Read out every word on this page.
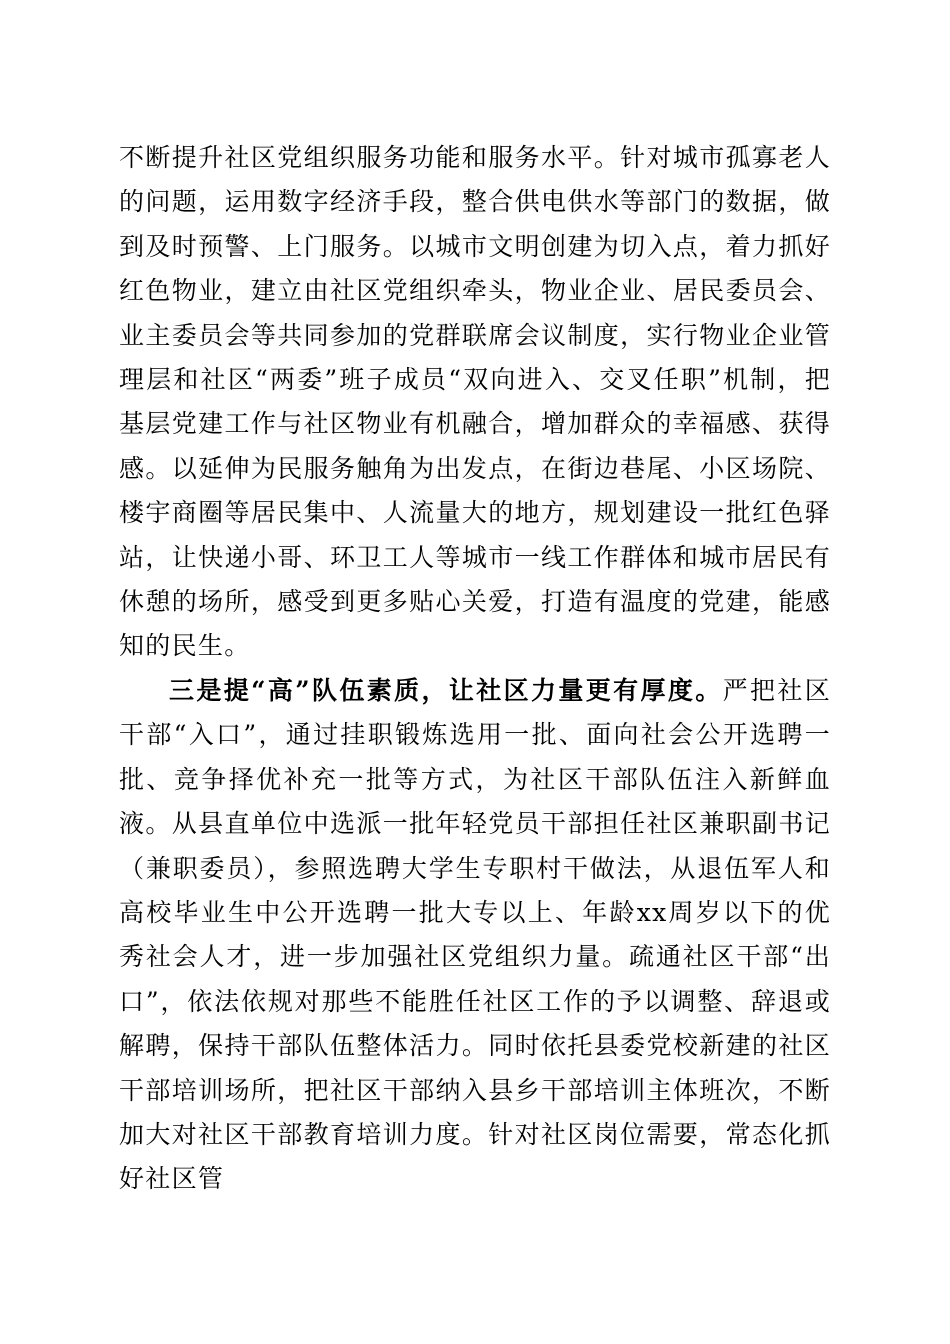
不断提升社区党组织服务功能和服务水平。针对城市孤寡老人的问题，运用数字经济手段，整合供电供水等部门的数据，做到及时预警、上门服务。以城市文明创建为切入点，着力抓好红色物业，建立由社区党组织牵头，物业企业、居民委员会、业主委员会等共同参加的党群联席会议制度，实行物业企业管理层和社区“两委”班子成员“双向进入、交叉任职”机制，把基层党建工作与社区物业有机融合，增加群众的幸福感、获得感。以延伸为民服务触角为出发点，在街边巷尾、小区场院、楼宇商圈等居民集中、人流量大的地方，规划建设一批红色驿站，让快递小哥、环卫工人等城市一线工作群体和城市居民有休憩的场所，感受到更多贴心关爱，打造有温度的党建，能感知的民生。

三是提“高”队伍素质，让社区力量更有厚度。严把社区干部“入口”，通过挂职锻炼选用一批、面向社会公开选聘一批、竞争择优补充一批等方式，为社区干部队伍注入新鲜血液。从县直单位中选派一批年轻党员干部担任社区兼职副书记（兼职委员），参照选聘大学生专职村干做法，从退伍军人和高校毕业生中公开选聘一批大专以上、年龄xx周岁以下的优秀社会人才，进一步加强社区党组织力量。疏通社区干部“出口”，依法依规对那些不能胜任社区工作的予以调整、辞退或解聘，保持干部队伍整体活力。同时依托县委党校新建的社区干部培训场所，把社区干部纳入县乡干部培训主体班次，不断加大对社区干部教育培训力度。针对社区岗位需要，常态化抓好社区管
